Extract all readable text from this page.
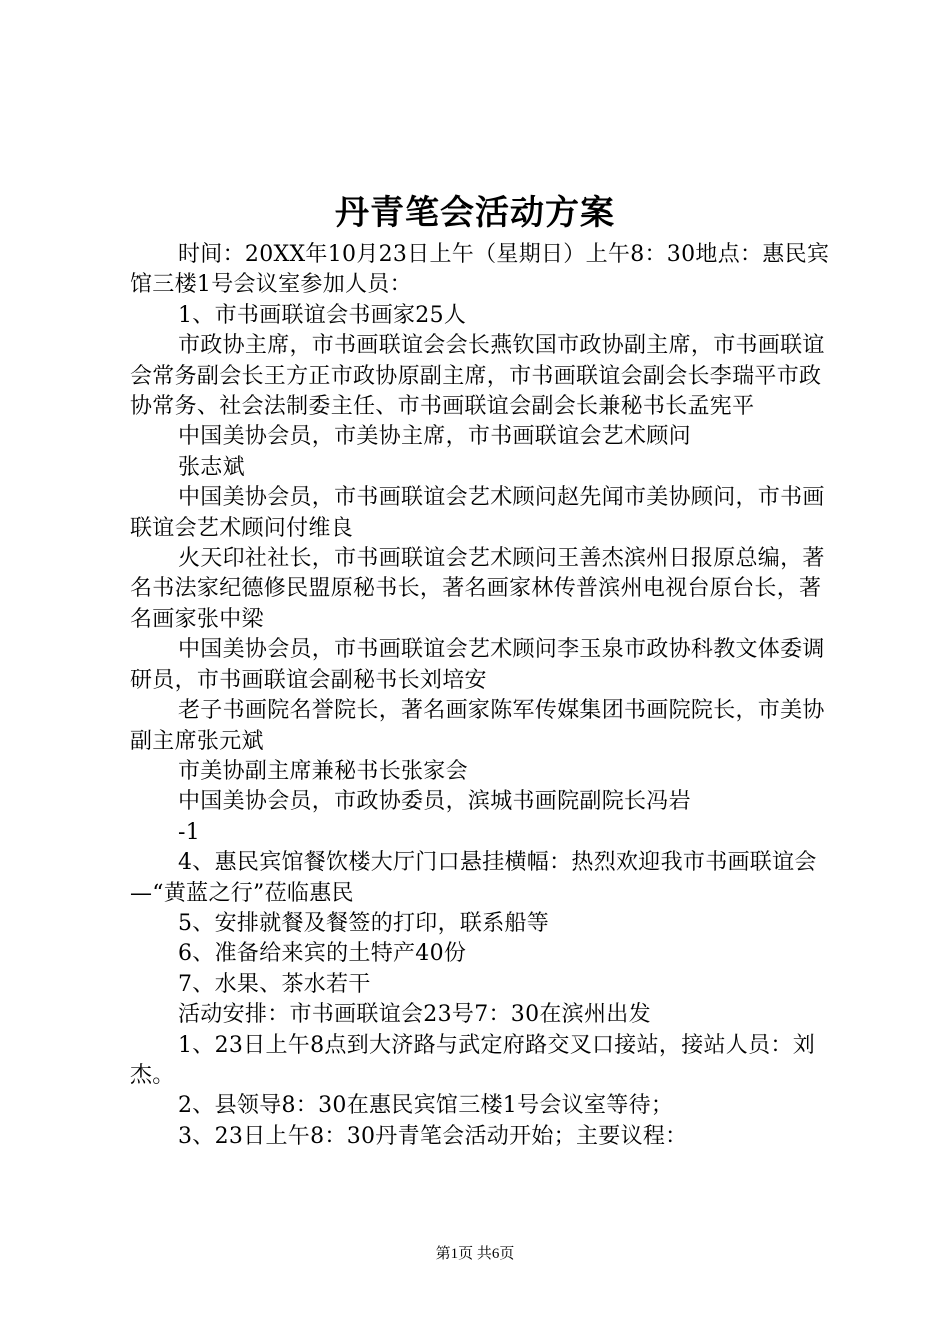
丹青笔会活动方案

时间：20XX年10月23日上午（星期日）上午8：30地点：惠民宾馆三楼1号会议室参加人员：

1、市书画联谊会书画家25人

市政协主席，市书画联谊会会长燕钦国市政协副主席，市书画联谊会常务副会长王方正市政协原副主席，市书画联谊会副会长李瑞平市政协常务、社会法制委主任、市书画联谊会副会长兼秘书长孟宪平

中国美协会员，市美协主席，市书画联谊会艺术顾问

张志斌

中国美协会员，市书画联谊会艺术顾问赵先闻市美协顾问，市书画联谊会艺术顾问付维良

火天印社社长，市书画联谊会艺术顾问王善杰滨州日报原总编，著名书法家纪德修民盟原秘书长，著名画家林传普滨州电视台原台长，著名画家张中梁

中国美协会员，市书画联谊会艺术顾问李玉泉市政协科教文体委调研员，市书画联谊会副秘书长刘培安

老子书画院名誉院长，著名画家陈军传媒集团书画院院长，市美协副主席张元斌

市美协副主席兼秘书长张家会

中国美协会员，市政协委员，滨城书画院副院长冯岩

-1

4、惠民宾馆餐饮楼大厅门口悬挂横幅：热烈欢迎我市书画联谊会—“黄蓝之行”莅临惠民

5、安排就餐及餐签的打印，联系船等

6、准备给来宾的土特产40份

7、水果、茶水若干

活动安排：市书画联谊会23号7：30在滨州出发

1、23日上午8点到大济路与武定府路交叉口接站，接站人员：刘杰。

2、县领导8：30在惠民宾馆三楼1号会议室等待；

3、23日上午8：30丹青笔会活动开始；主要议程：

第1页 共6页
